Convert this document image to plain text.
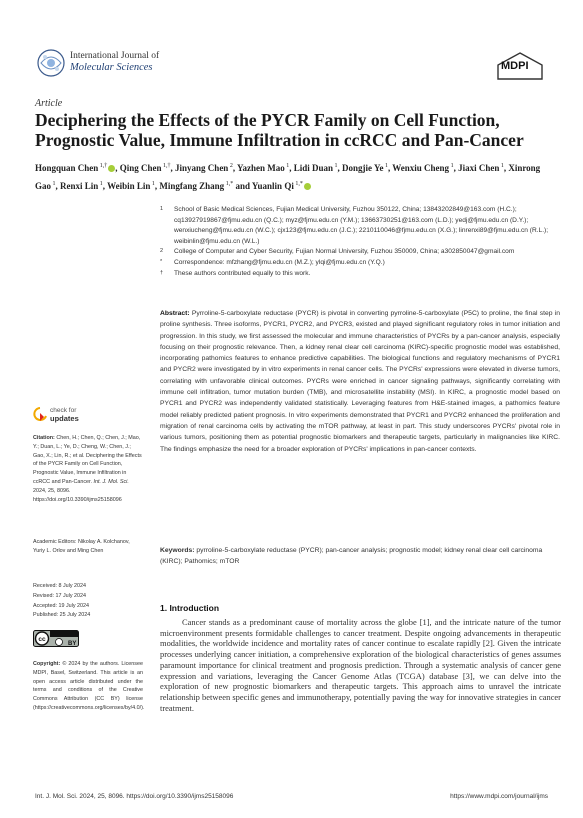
International Journal of
Molecular Sciences	MDPI
Article
Deciphering the Effects of the PYCR Family on Cell Function, Prognostic Value, Immune Infiltration in ccRCC and Pan-Cancer
Hongquan Chen $^{1,\dagger}$ , Qing Chen $^{1,\dagger}$, Jinyang Chen $^2$, Yazhen Mao $^1$, Lidi Duan $^1$, Dongjie Ye $^1$, Wenxiu Cheng $^1$, Jiaxi Chen $^1$, Xinrong Gao $^1$, Renxi Lin $^1$, Weibin Lin $^1$, Mingfang Zhang $^{1,*}$ and Yuanlin Qi $^{1,*}$
1 School of Basic Medical Sciences, Fujian Medical University, Fuzhou 350122, China; 13843202849@163.com (H.C.); cq13927919867@fjmu.edu.cn (Q.C.); myz@fjmu.edu.cn (Y.M.); 13663730251@163.com (L.D.); yedj@fjmu.edu.cn (D.Y.); wenxiucheng@fjmu.edu.cn (W.C.); cjx123@fjmu.edu.cn (J.C.); 2210110046@fjmu.edu.cn (X.G.); linrenxi89@fjmu.edu.cn (R.L.); weibinlin@fjmu.edu.cn (W.L.)
2 College of Computer and Cyber Security, Fujian Normal University, Fuzhou 350009, China; a302850047@gmail.com
* Correspondence: mfzhang@fjmu.edu.cn (M.Z.); ylqi@fjmu.edu.cn (Y.Q.)
† These authors contributed equally to this work.
Abstract: Pyrroline-5-carboxylate reductase (PYCR) is pivotal in converting pyrroline-5-carboxylate (P5C) to proline, the final step in proline synthesis. Three isoforms, PYCR1, PYCR2, and PYCR3, existed and played significant regulatory roles in tumor initiation and progression. In this study, we first assessed the molecular and immune characteristics of PYCRs by a pan-cancer analysis, especially focusing on their prognostic relevance. Then, a kidney renal clear cell carcinoma (KIRC)-specific prognostic model was established, incorporating pathomics features to enhance predictive capabilities. The biological functions and regulatory mechanisms of PYCR1 and PYCR2 were investigated by in vitro experiments in renal cancer cells. The PYCRs' expressions were elevated in diverse tumors, correlating with unfavorable clinical outcomes. PYCRs were enriched in cancer signaling pathways, significantly correlating with immune cell infiltration, tumor mutation burden (TMB), and microsatellite instability (MSI). In KIRC, a prognostic model based on PYCR1 and PYCR2 was independently validated statistically. Leveraging features from H&E-stained images, a pathomics feature model reliably predicted patient prognosis. In vitro experiments demonstrated that PYCR1 and PYCR2 enhanced the proliferation and migration of renal carcinoma cells by activating the mTOR pathway, at least in part. This study underscores PYCRs' pivotal role in various tumors, positioning them as potential prognostic biomarkers and therapeutic targets, particularly in malignancies like KIRC. The findings emphasize the need for a broader exploration of PYCRs' implications in pan-cancer contexts.
Keywords: pyrroline-5-carboxylate reductase (PYCR); pan-cancer analysis; prognostic model; kidney renal clear cell carcinoma (KIRC); Pathomics; mTOR
check for
updates
Citation: Chen, H.; Chen, Q.; Chen, J.; Mao, Y.; Duan, L.; Ye, D.; Cheng, W.; Chen, J.; Gao, X.; Lin, R.; et al. Deciphering the Effects of the PYCR Family on Cell Function, Prognostic Value, Immune Infiltration in ccRCC and Pan-Cancer. Int. J. Mol. Sci. 2024, 25, 8096. https://doi.org/10.3390/ijms25158096
Academic Editors: Nikolay A. Kolchanov, Yuriy L. Orlov and Ming Chen
Received: 8 July 2024
Revised: 17 July 2024
Accepted: 19 July 2024
Published: 25 July 2024
cc
BY
Copyright: © 2024 by the authors. Licensee MDPI, Basel, Switzerland. This article is an open access article distributed under the terms and conditions of the Creative Commons Attribution (CC BY) license (https://creativecommons.org/licenses/by/4.0/).
1. Introduction
Cancer stands as a predominant cause of mortality across the globe [1], and the intricate nature of the tumor microenvironment presents formidable challenges to cancer treatment. Despite ongoing advancements in therapeutic modalities, the worldwide incidence and mortality rates of cancer continue to escalate rapidly [2]. Given the intricate processes underlying cancer initiation, a comprehensive exploration of the biological characteristics of genes assumes paramount importance for clinical treatment and prognosis prediction. Through a systematic analysis of cancer gene expression and variations, leveraging the Cancer Genome Atlas (TCGA) database [3], we can delve into the exploration of new prognostic biomarkers and therapeutic targets. This approach aims to unravel the intricate relationship between specific genes and immunotherapy, potentially paving the way for innovative strategies in cancer treatment.
Int. J. Mol. Sci. 2024, 25, 8096. https://doi.org/10.3390/ijms25158096	https://www.mdpi.com/journal/ijms
